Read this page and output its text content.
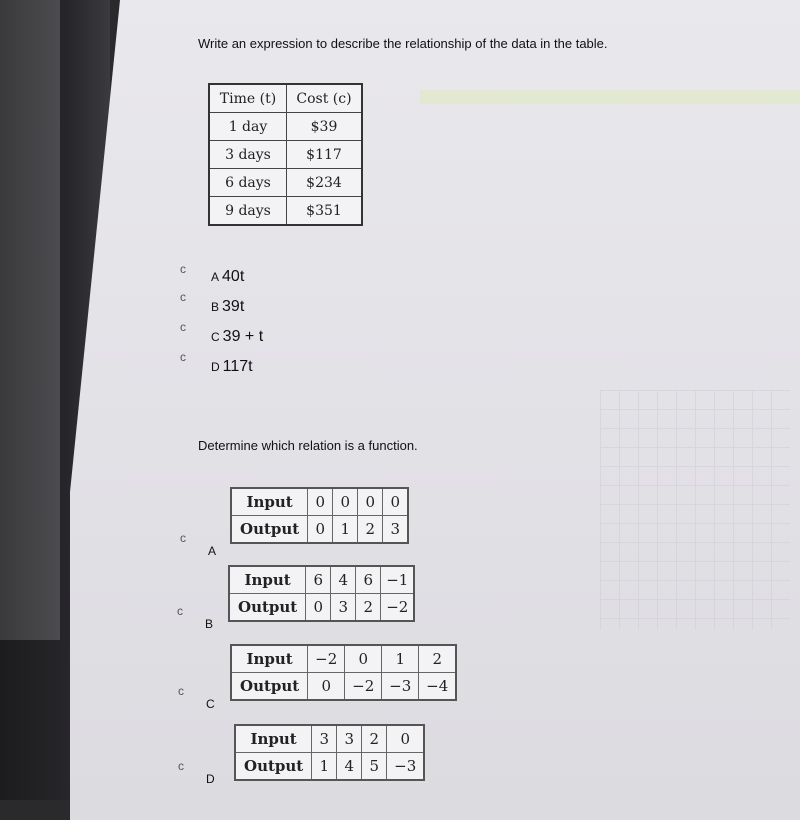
Write an expression to describe the relationship of the data in the table.
Time (t)	Cost (c)
1 day	$39
3 days	$117
6 days	$234
9 days	$351
c
A 40t
c
B 39t
c
C 39 + t
c
D 117t
Determine which relation is a function.
Input	0	0	0	0
Output	0	1	2	3
c
A
Input	6	4	6	−1
Output	0	3	2	−2
c
B
Input	−2	0	1	2
Output	0	−2	−3	−4
c
C
Input	3	3	2	0
Output	1	4	5	−3
c
D
